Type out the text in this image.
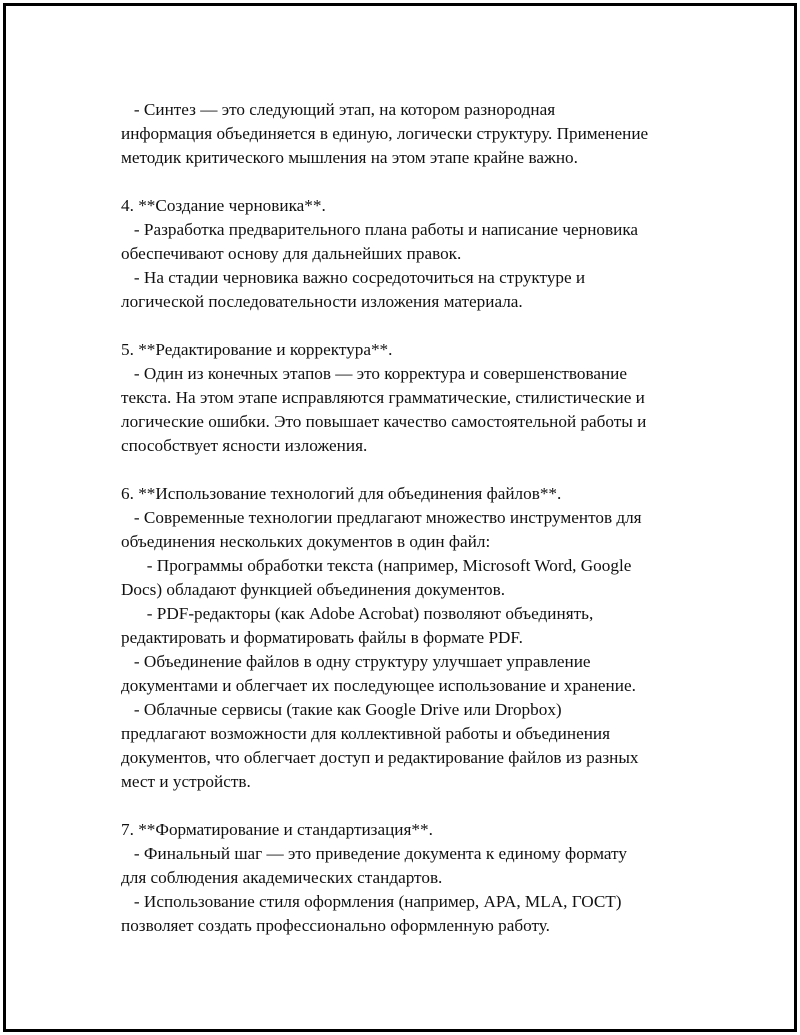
- Синтез — это следующий этап, на котором разнородная
информация объединяется в единую, логически структуру. Применение
методик критического мышления на этом этапе крайне важно.
4. **Создание черновика**.
- Разработка предварительного плана работы и написание черновика
обеспечивают основу для дальнейших правок.
- На стадии черновика важно сосредоточиться на структуре и
логической последовательности изложения материала.
5. **Редактирование и корректура**.
- Один из конечных этапов — это корректура и совершенствование
текста. На этом этапе исправляются грамматические, стилистические и
логические ошибки. Это повышает качество самостоятельной работы и
способствует ясности изложения.
6. **Использование технологий для объединения файлов**.
- Современные технологии предлагают множество инструментов для
объединения нескольких документов в один файл:
- Программы обработки текста (например, Microsoft Word, Google
Docs) обладают функцией объединения документов.
- PDF-редакторы (как Adobe Acrobat) позволяют объединять,
редактировать и форматировать файлы в формате PDF.
- Объединение файлов в одну структуру улучшает управление
документами и облегчает их последующее использование и хранение.
- Облачные сервисы (такие как Google Drive или Dropbox)
предлагают возможности для коллективной работы и объединения
документов, что облегчает доступ и редактирование файлов из разных
мест и устройств.
7. **Форматирование и стандартизация**.
- Финальный шаг — это приведение документа к единому формату
для соблюдения академических стандартов.
- Использование стиля оформления (например, APA, MLA, ГОСТ)
позволяет создать профессионально оформленную работу.
